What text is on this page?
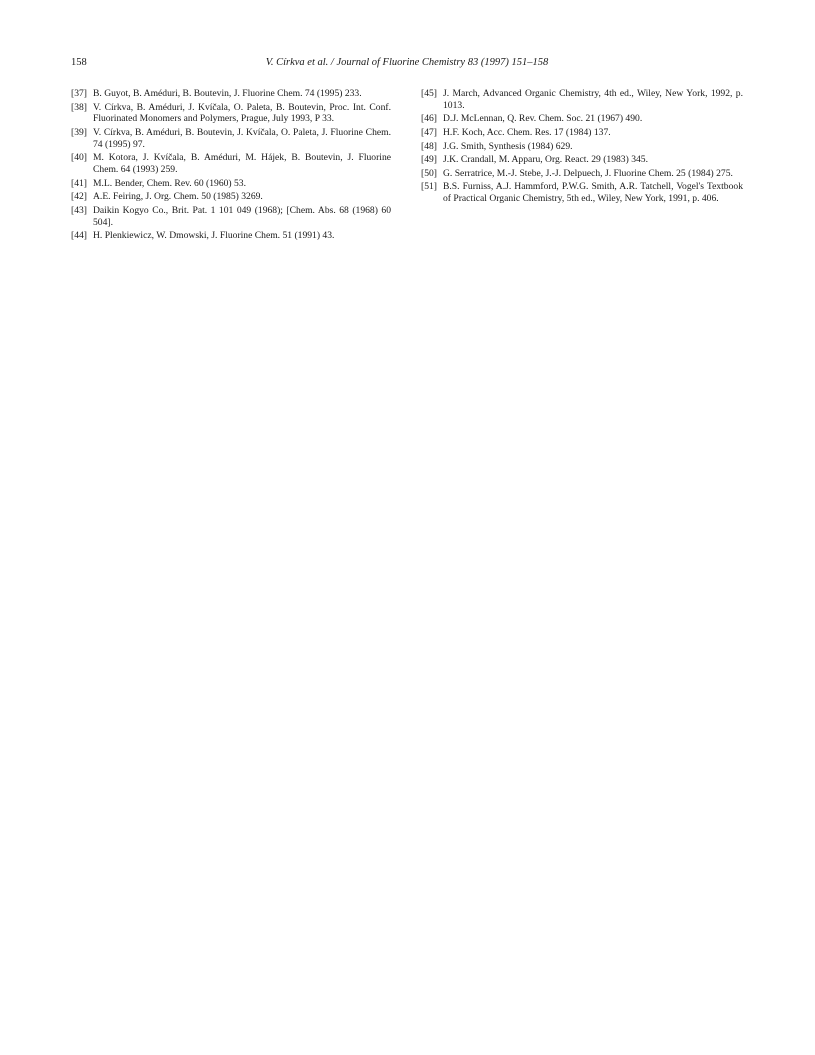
158	V. Církva et al. / Journal of Fluorine Chemistry 83 (1997) 151–158
[37] B. Guyot, B. Améduri, B. Boutevin, J. Fluorine Chem. 74 (1995) 233.
[38] V. Církva, B. Améduri, J. Kvíčala, O. Paleta, B. Boutevin, Proc. Int. Conf. Fluorinated Monomers and Polymers, Prague, July 1993, P 33.
[39] V. Církva, B. Améduri, B. Boutevin, J. Kvíčala, O. Paleta, J. Fluorine Chem. 74 (1995) 97.
[40] M. Kotora, J. Kvíčala, B. Améduri, M. Hájek, B. Boutevin, J. Fluorine Chem. 64 (1993) 259.
[41] M.L. Bender, Chem. Rev. 60 (1960) 53.
[42] A.E. Feiring, J. Org. Chem. 50 (1985) 3269.
[43] Daikin Kogyo Co., Brit. Pat. 1 101 049 (1968); [Chem. Abs. 68 (1968) 60 504].
[44] H. Plenkiewicz, W. Dmowski, J. Fluorine Chem. 51 (1991) 43.
[45] J. March, Advanced Organic Chemistry, 4th ed., Wiley, New York, 1992, p. 1013.
[46] D.J. McLennan, Q. Rev. Chem. Soc. 21 (1967) 490.
[47] H.F. Koch, Acc. Chem. Res. 17 (1984) 137.
[48] J.G. Smith, Synthesis (1984) 629.
[49] J.K. Crandall, M. Apparu, Org. React. 29 (1983) 345.
[50] G. Serratrice, M.-J. Stebe, J.-J. Delpuech, J. Fluorine Chem. 25 (1984) 275.
[51] B.S. Furniss, A.J. Hammford, P.W.G. Smith, A.R. Tatchell, Vogel's Textbook of Practical Organic Chemistry, 5th ed., Wiley, New York, 1991, p. 406.
